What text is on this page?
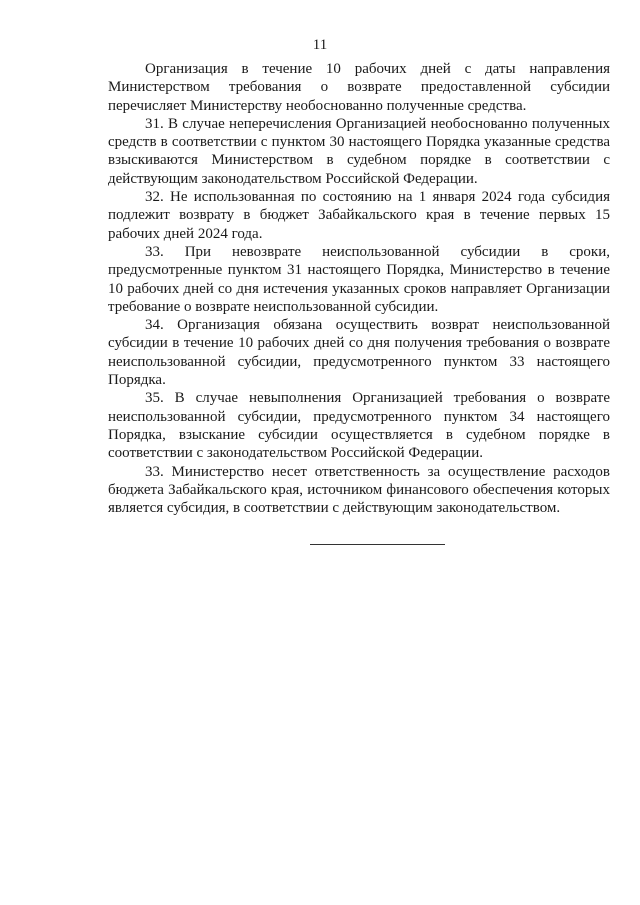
11

Организация в течение 10 рабочих дней с даты направления Министерством требования о возврате предоставленной субсидии перечисляет Министерству необоснованно полученные средства.

31. В случае неперечисления Организацией необоснованно полученных средств в соответствии с пунктом 30 настоящего Порядка указанные средства взыскиваются Министерством в судебном порядке в соответствии с действующим законодательством Российской Федерации.

32. Не использованная по состоянию на 1 января 2024 года субсидия подлежит возврату в бюджет Забайкальского края в течение первых 15 рабочих дней 2024 года.

33. При невозврате неиспользованной субсидии в сроки, предусмотренные пунктом 31 настоящего Порядка, Министерство в течение 10 рабочих дней со дня истечения указанных сроков направляет Организации требование о возврате неиспользованной субсидии.

34. Организация обязана осуществить возврат неиспользованной субсидии в течение 10 рабочих дней со дня получения требования о возврате неиспользованной субсидии, предусмотренного пунктом 33 настоящего Порядка.

35. В случае невыполнения Организацией требования о возврате неиспользованной субсидии, предусмотренного пунктом 34 настоящего Порядка, взыскание субсидии осуществляется в судебном порядке в соответствии с законодательством Российской Федерации.

33. Министерство несет ответственность за осуществление расходов бюджета Забайкальского края, источником финансового обеспечения которых является субсидия, в соответствии с действующим законодательством.
